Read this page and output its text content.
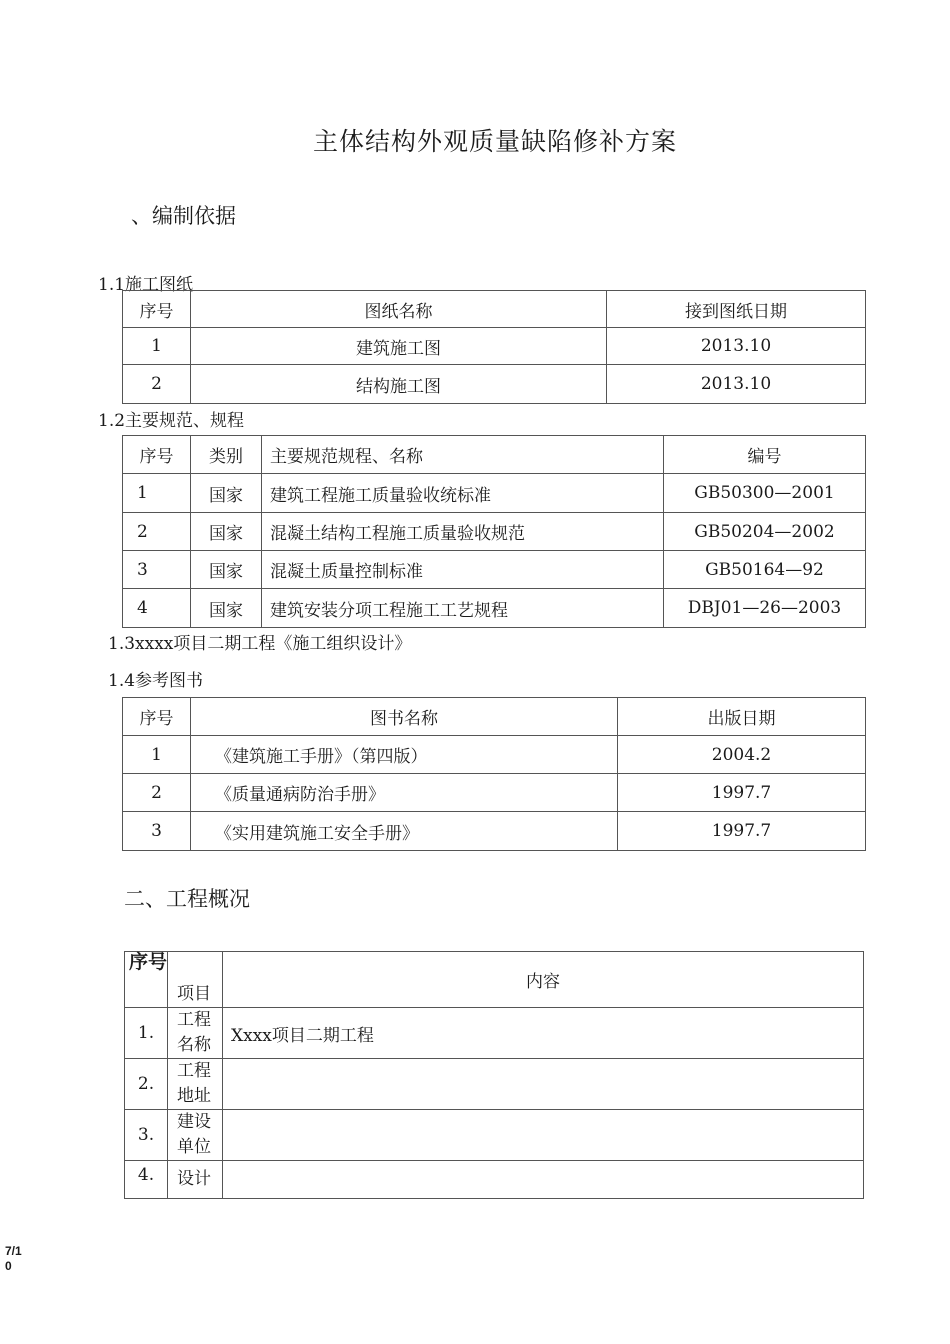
主体结构外观质量缺陷修补方案
、编制依据
1.1施工图纸
序号	图纸名称	接到图纸日期
1	建筑施工图	2013.10
2	结构施工图	2013.10
1.2主要规范、规程
序号	类别	主要规范规程、名称	编号
1	国家	建筑工程施工质量验收统标准	GB50300—2001
2	国家	混凝土结构工程施工质量验收规范	GB50204—2002
3	国家	混凝土质量控制标准	GB50164—92
4	国家	建筑安装分项工程施工工艺规程	DBJ01—26—2003
1.3xxxx项目二期工程《施工组织设计》
1.4参考图书
序号	图书名称	出版日期
1	《建筑施工手册》（第四版）	2004.2
2	《质量通病防治手册》	1997.7
3	《实用建筑施工安全手册》	1997.7
二、工程概况
序号	项目	内容
1.	工程名称	Xxxx项目二期工程
2.	工程地址	
3.	建设单位	
4.	设计	
7/10
